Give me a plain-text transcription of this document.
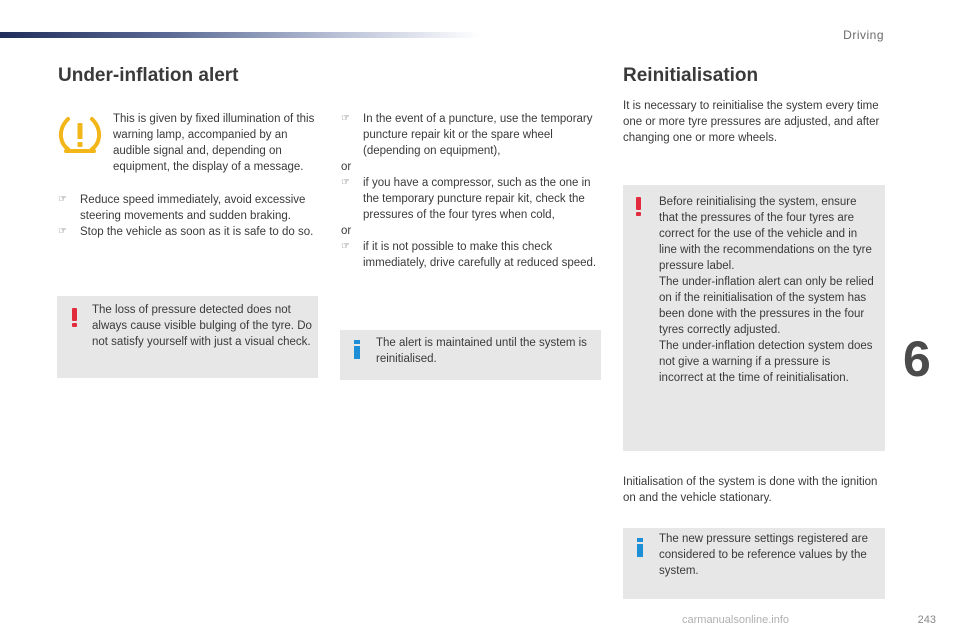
Driving
6
carmanualsonline.info	243
Under-inflation alert

This is given by fixed illumination of this warning lamp, accompanied by an audible signal and, depending on equipment, the display of a message.

☞ Reduce speed immediately, avoid excessive steering movements and sudden braking.
☞ Stop the vehicle as soon as it is safe to do so.
The loss of pressure detected does not always cause visible bulging of the tyre. Do not satisfy yourself with just a visual check.
☞ In the event of a puncture, use the temporary puncture repair kit or the spare wheel (depending on equipment),

or

☞ if you have a compressor, such as the one in the temporary puncture repair kit, check the pressures of the four tyres when cold,

or

☞ if it is not possible to make this check immediately, drive carefully at reduced speed.
The alert is maintained until the system is reinitialised.
Reinitialisation

It is necessary to reinitialise the system every time one or more tyre pressures are adjusted, and after changing one or more wheels.

Before reinitialising the system, ensure that the pressures of the four tyres are correct for the use of the vehicle and in line with the recommendations on the tyre pressure label.

The under-inflation alert can only be relied on if the reinitialisation of the system has been done with the pressures in the four tyres correctly adjusted.

The under-inflation detection system does not give a warning if a pressure is incorrect at the time of reinitialisation.

Initialisation of the system is done with the ignition on and the vehicle stationary.

The new pressure settings registered are considered to be reference values by the system.
